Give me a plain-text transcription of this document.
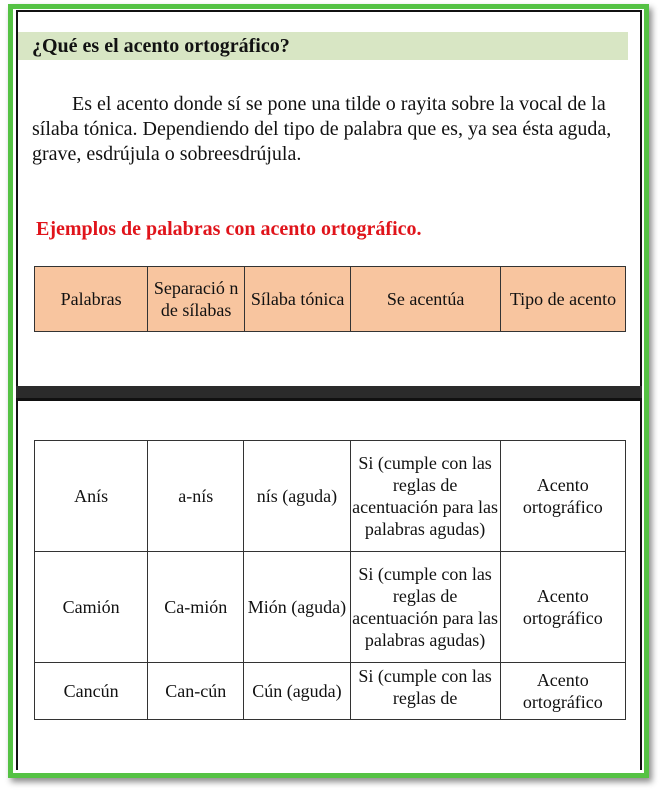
¿Qué es el acento ortográfico?
Es el acento donde sí se pone una tilde o rayita sobre la vocal de la sílaba tónica. Dependiendo del tipo de palabra que es, ya sea ésta aguda, grave, esdrújula o sobreesdrújula.
Ejemplos de palabras con acento ortográfico.
Palabras	Separació n de sílabas	Sílaba tónica	Se acentúa	Tipo de acento
Anís	a-nís	nís (aguda)	Si (cumple con las reglas de acentuación para las palabras agudas)	Acento ortográfico
Camión	Ca-mión	Mión (aguda)	Si (cumple con las reglas de acentuación para las palabras agudas)	Acento ortográfico
Cancún	Can-cún	Cún (aguda)	Si (cumple con las reglas de	Acento ortográfico
